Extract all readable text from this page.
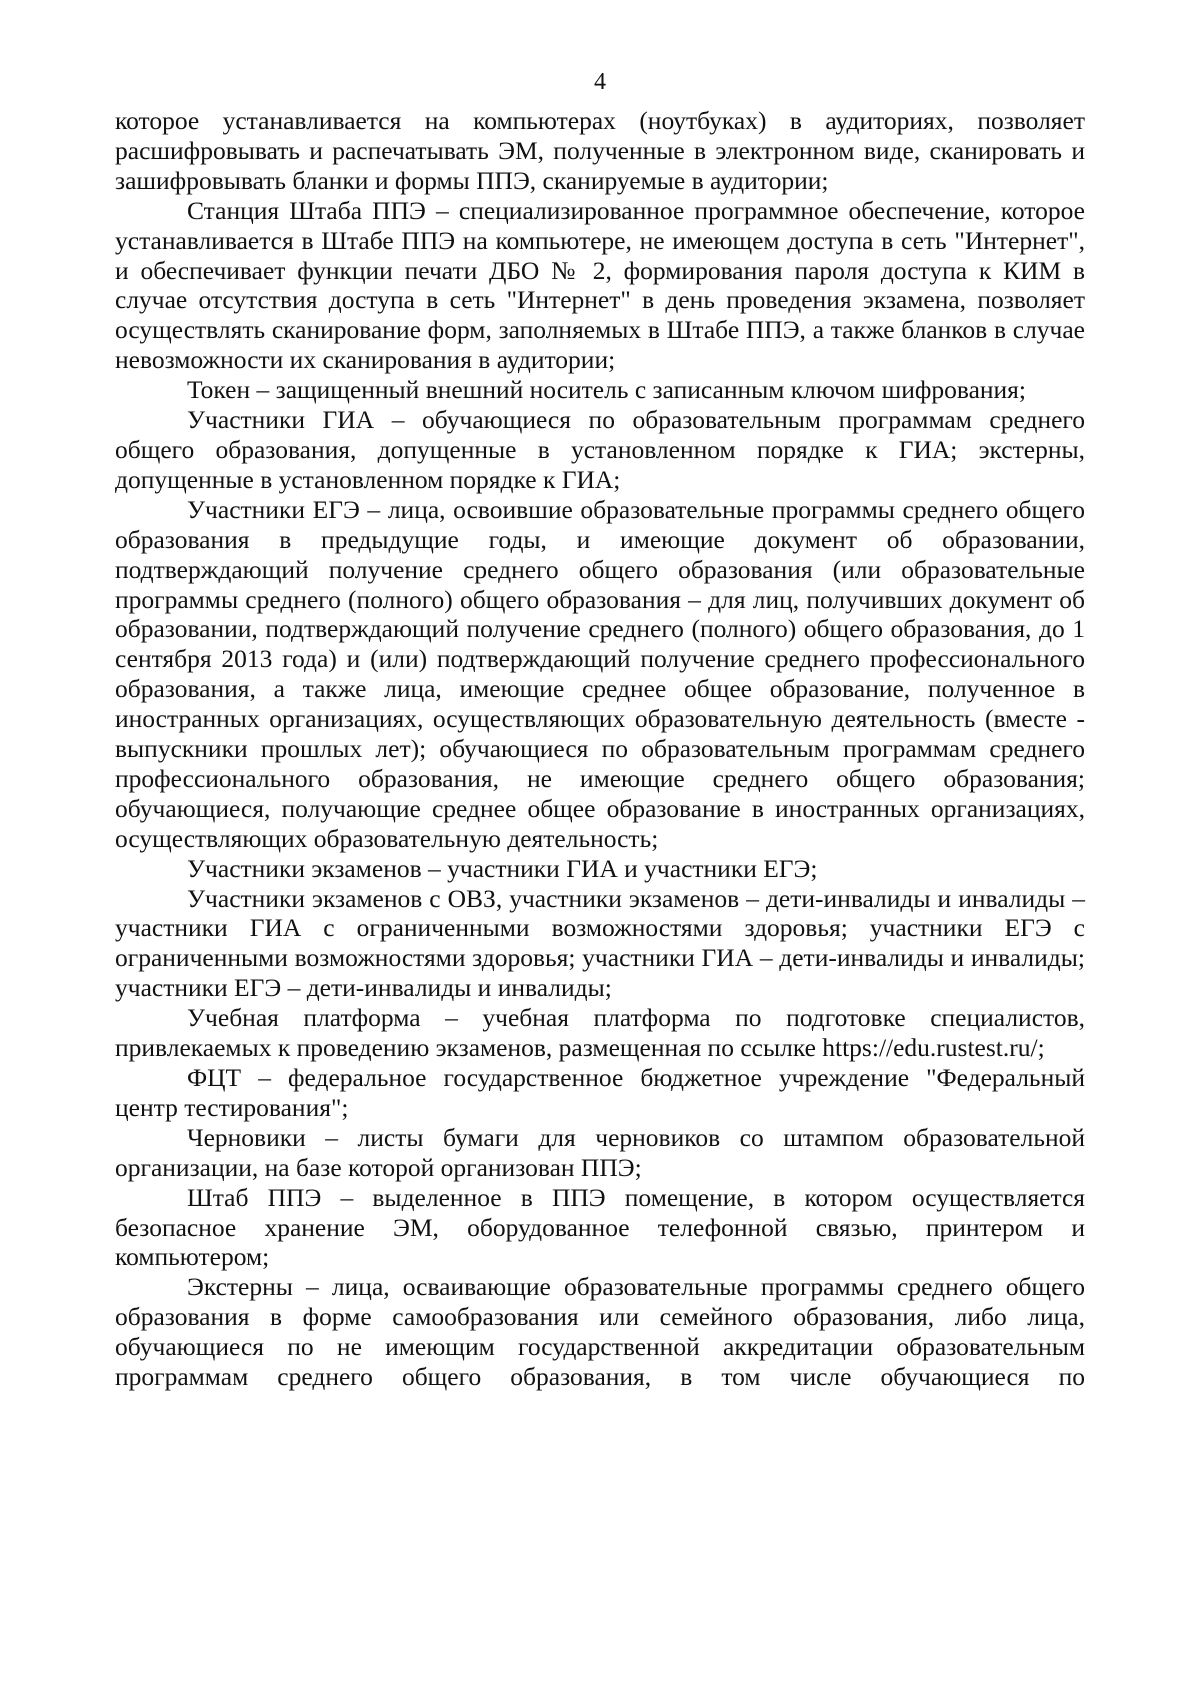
4

которое устанавливается на компьютерах (ноутбуках) в аудиториях, позволяет расшифровывать и распечатывать ЭМ, полученные в электронном виде, сканировать и зашифровывать бланки и формы ППЭ, сканируемые в аудитории;

Станция Штаба ППЭ – специализированное программное обеспечение, которое устанавливается в Штабе ППЭ на компьютере, не имеющем доступа в сеть "Интернет", и обеспечивает функции печати ДБО № 2, формирования пароля доступа к КИМ в случае отсутствия доступа в сеть "Интернет" в день проведения экзамена, позволяет осуществлять сканирование форм, заполняемых в Штабе ППЭ, а также бланков в случае невозможности их сканирования в аудитории;

Токен – защищенный внешний носитель с записанным ключом шифрования;

Участники ГИА – обучающиеся по образовательным программам среднего общего образования, допущенные в установленном порядке к ГИА; экстерны, допущенные в установленном порядке к ГИА;

Участники ЕГЭ – лица, освоившие образовательные программы среднего общего образования в предыдущие годы, и имеющие документ об образовании, подтверждающий получение среднего общего образования (или образовательные программы среднего (полного) общего образования – для лиц, получивших документ об образовании, подтверждающий получение среднего (полного) общего образования, до 1 сентября 2013 года) и (или) подтверждающий получение среднего профессионального образования, а также лица, имеющие среднее общее образование, полученное в иностранных организациях, осуществляющих образовательную деятельность (вместе - выпускники прошлых лет); обучающиеся по образовательным программам среднего профессионального образования, не имеющие среднего общего образования; обучающиеся, получающие среднее общее образование в иностранных организациях, осуществляющих образовательную деятельность;

Участники экзаменов – участники ГИА и участники ЕГЭ;

Участники экзаменов с ОВЗ, участники экзаменов – дети-инвалиды и инвалиды – участники ГИА с ограниченными возможностями здоровья; участники ЕГЭ с ограниченными возможностями здоровья; участники ГИА – дети-инвалиды и инвалиды; участники ЕГЭ – дети-инвалиды и инвалиды;

Учебная платформа – учебная платформа по подготовке специалистов, привлекаемых к проведению экзаменов, размещенная по ссылке https://edu.rustest.ru/;

ФЦТ – федеральное государственное бюджетное учреждение "Федеральный центр тестирования";

Черновики – листы бумаги для черновиков со штампом образовательной организации, на базе которой организован ППЭ;

Штаб ППЭ – выделенное в ППЭ помещение, в котором осуществляется безопасное хранение ЭМ, оборудованное телефонной связью, принтером и компьютером;

Экстерны – лица, осваивающие образовательные программы среднего общего образования в форме самообразования или семейного образования, либо лица, обучающиеся по не имеющим государственной аккредитации образовательным программам среднего общего образования, в том числе обучающиеся по
